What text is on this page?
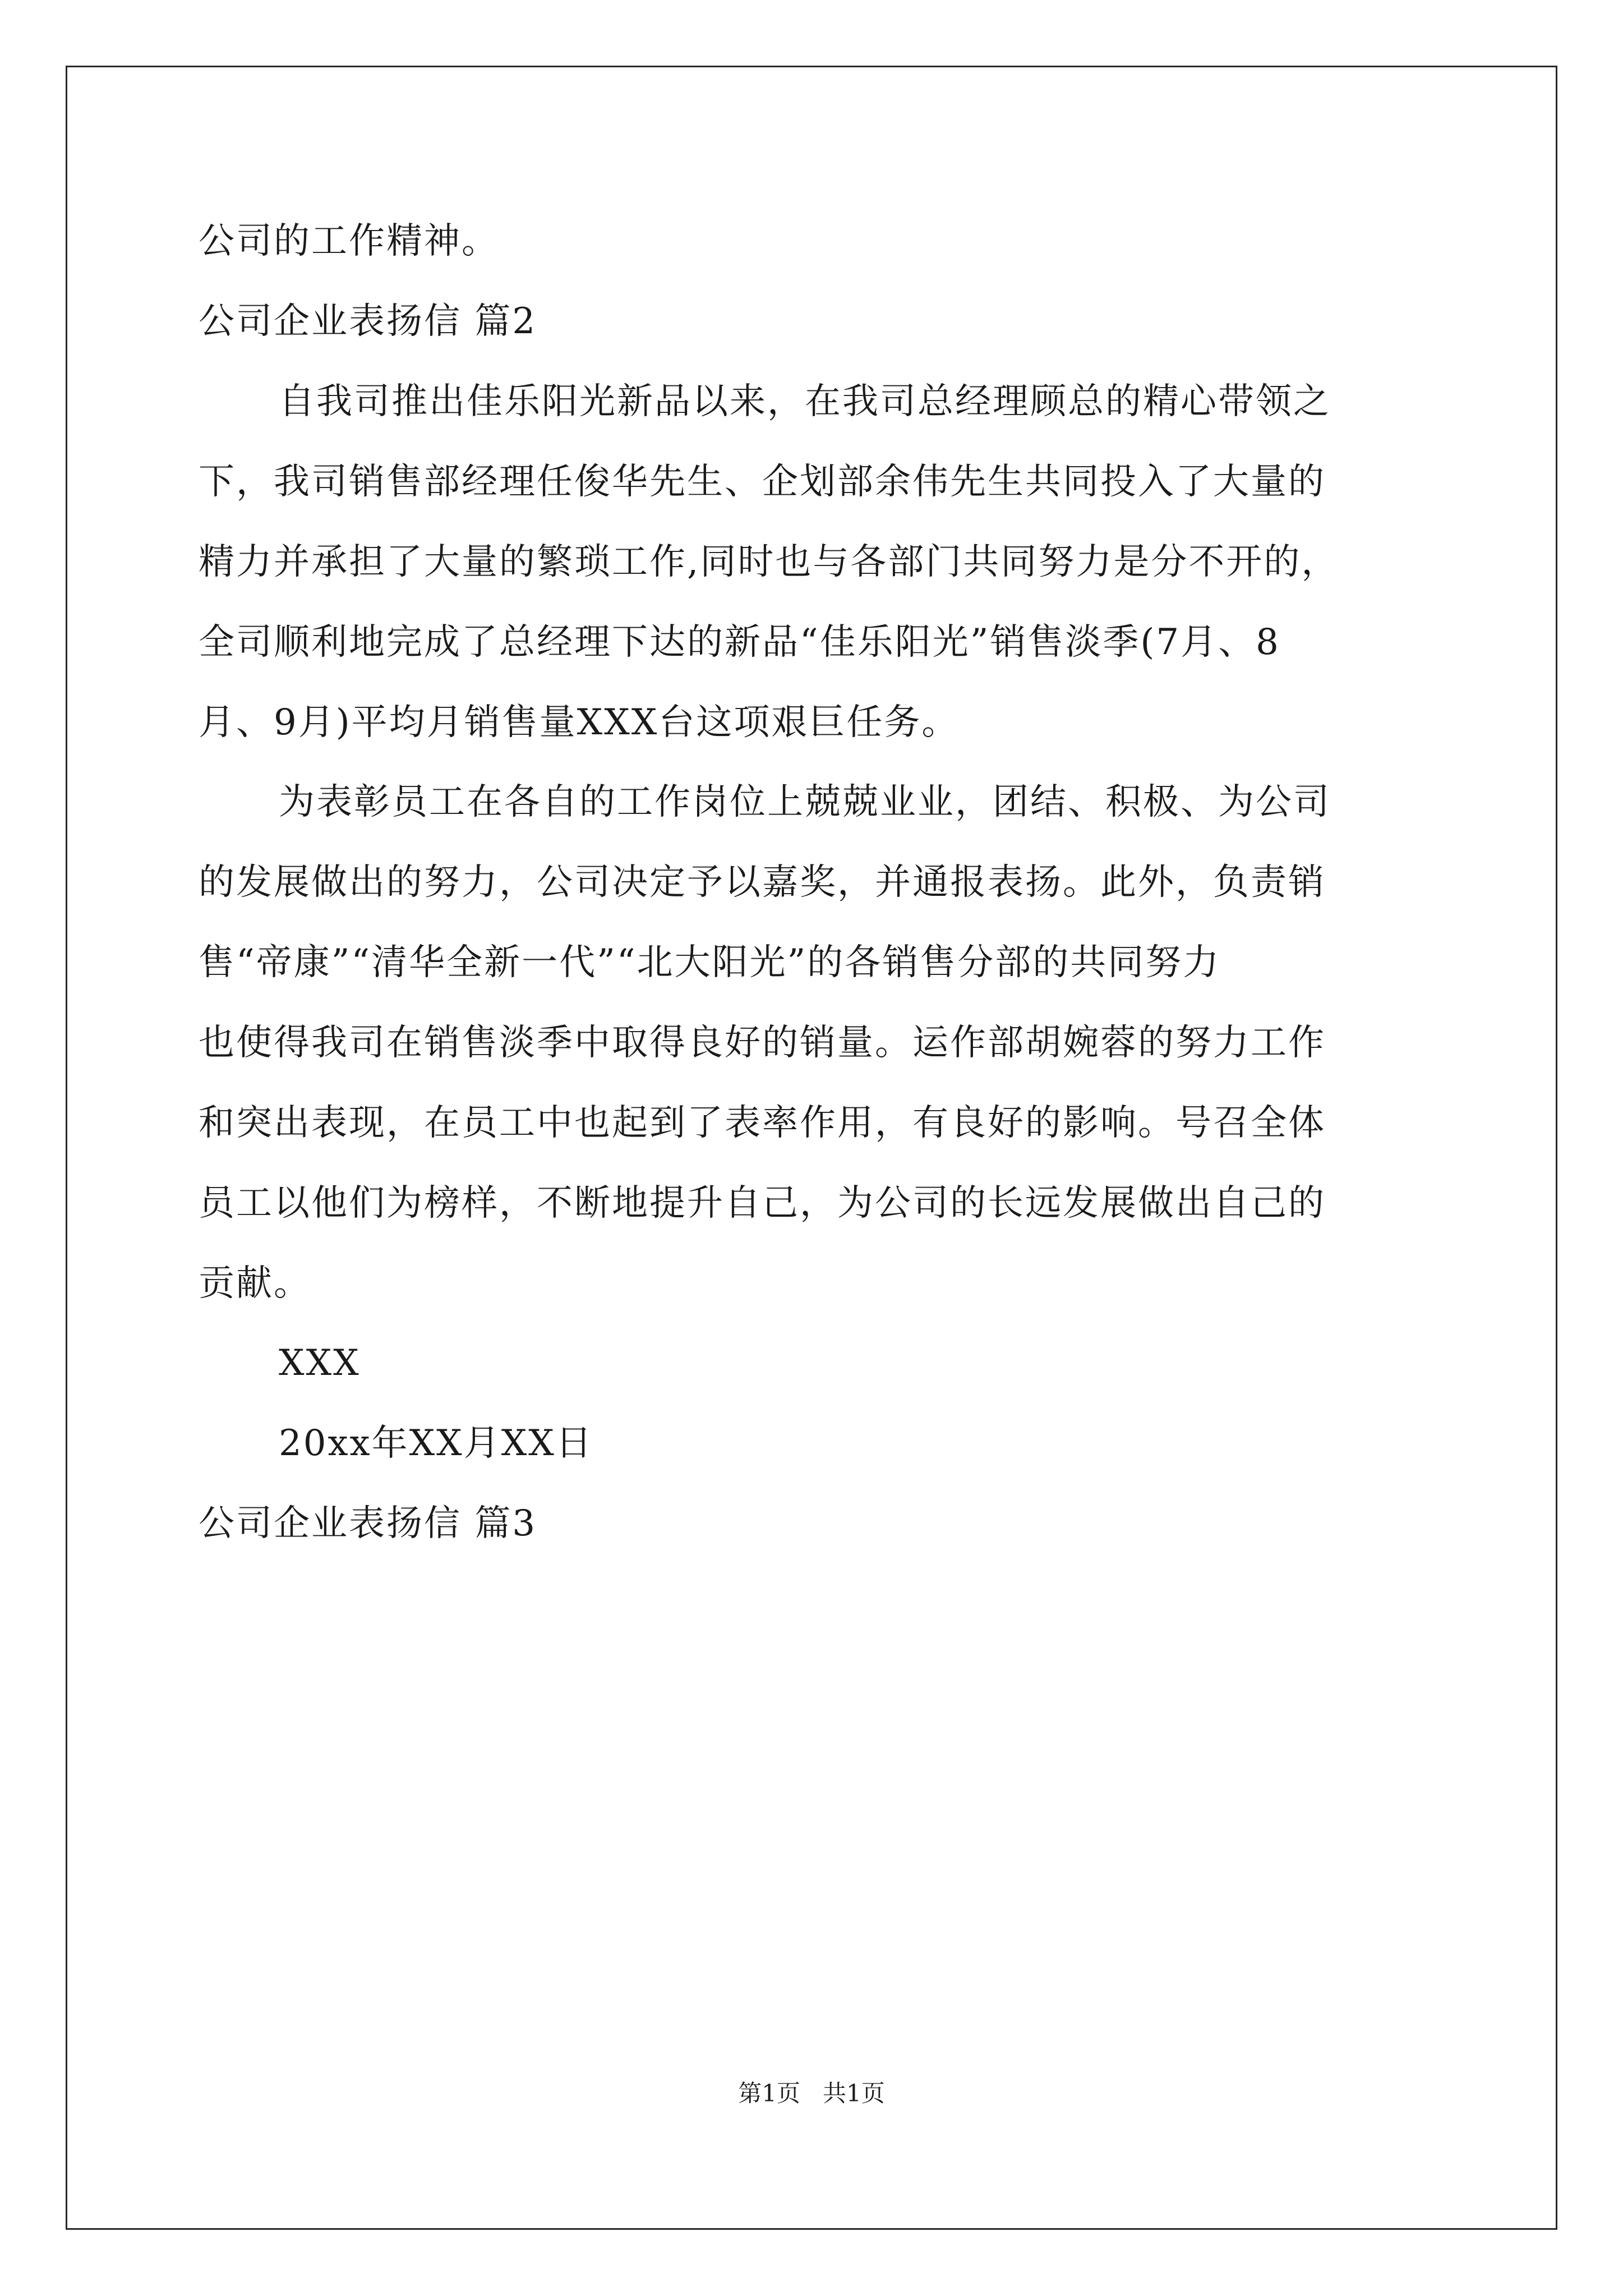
公司的工作精神。
公司企业表扬信 篇2
自我司推出佳乐阳光新品以来，在我司总经理顾总的精心带领之
下，我司销售部经理任俊华先生、企划部余伟先生共同投入了大量的
精力并承担了大量的繁琐工作,同时也与各部门共同努力是分不开的，
全司顺利地完成了总经理下达的新品“佳乐阳光”销售淡季(7月、8
月、9月)平均月销售量XXX台这项艰巨任务。
为表彰员工在各自的工作岗位上兢兢业业，团结、积极、为公司
的发展做出的努力，公司决定予以嘉奖，并通报表扬。此外，负责销
售“帝康”“清华全新一代”“北大阳光”的各销售分部的共同努力
也使得我司在销售淡季中取得良好的销量。运作部胡婉蓉的努力工作
和突出表现，在员工中也起到了表率作用，有良好的影响。号召全体
员工以他们为榜样，不断地提升自己，为公司的长远发展做出自己的
贡献。
XXX
20xx年XX月XX日
公司企业表扬信 篇3
第1页 共1页
